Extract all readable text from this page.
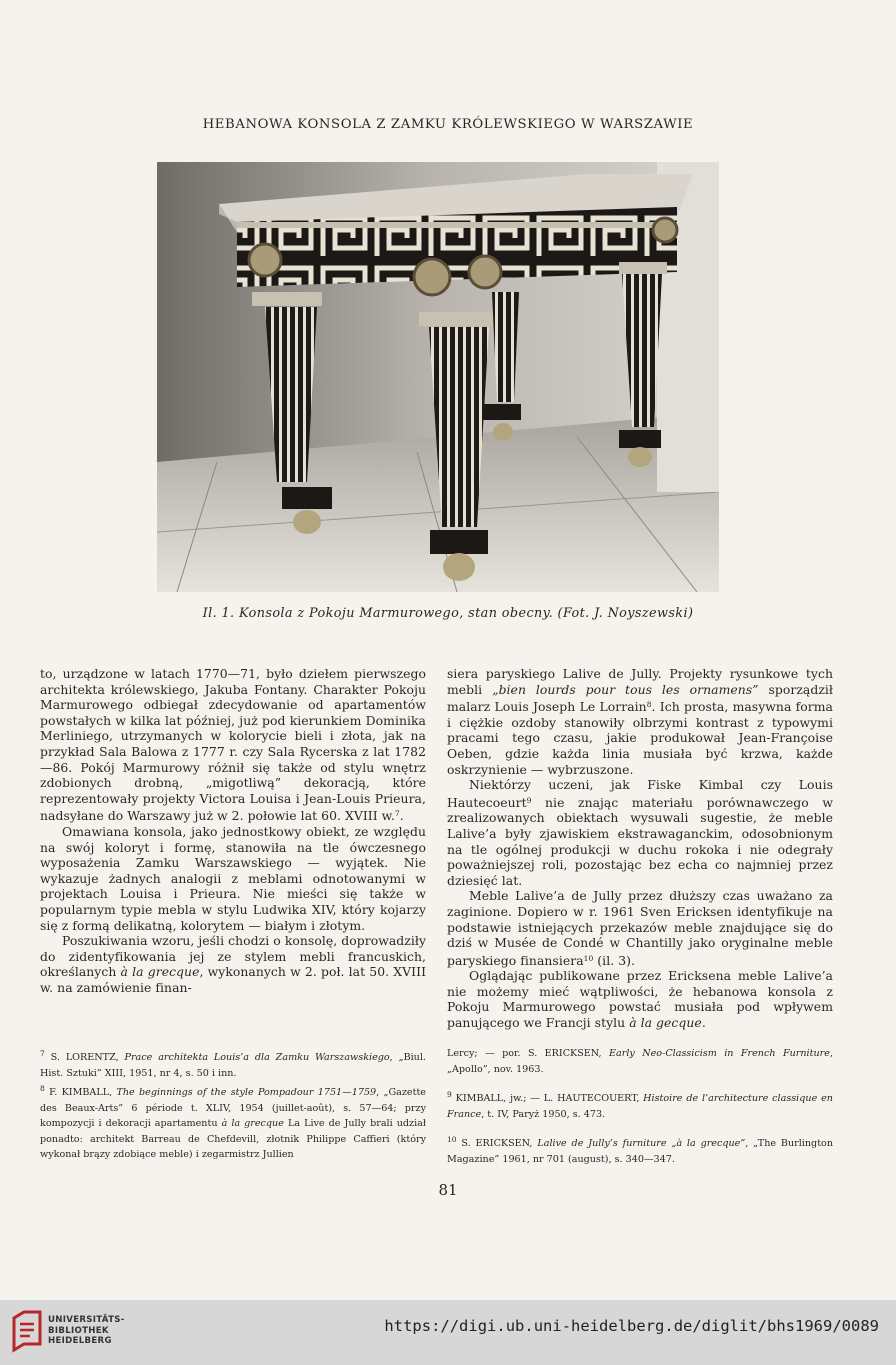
HEBANOWA KONSOLA Z ZAMKU KRÓLEWSKIEGO W WARSZAWIE
Il. 1. Konsola z Pokoju Marmurowego, stan obecny. (Fot. J. Noyszewski)

to, urządzone w latach 1770—71, było dziełem pierwszego architekta królewskiego, Jakuba Fontany. Charakter Pokoju Marmurowego odbiegał zdecydowanie od apartamentów powstałych w kilka lat później, już pod kierunkiem Dominika Merliniego, utrzymanych w kolorycie bieli i złota, jak na przykład Sala Balowa z 1777 r. czy Sala Rycerska z lat 1782—86. Pokój Marmurowy różnił się także od stylu wnętrz zdobionych drobną, „migotliwą” dekoracją, które reprezentowały projekty Victora Louisa i Jean-Louis Prieura, nadsyłane do Warszawy już w 2. połowie lat 60. XVIII w.$^7$.

Omawiana konsola, jako jednostkowy obiekt, ze względu na swój koloryt i formę, stanowiła na tle ówczesnego wyposażenia Zamku Warszawskiego — wyjątek. Nie wykazuje żadnych analogii z meblami odnotowanymi w projektach Louisa i Prieura. Nie mieści się także w popularnym typie mebla w stylu Ludwika XIV, który kojarzy się z formą delikatną, kolorytem — białym i złotym.

Poszukiwania wzoru, jeśli chodzi o konsolę, doprowadziły do zidentyfikowania jej ze stylem mebli francuskich, określanych à la grecque, wykonanych w 2. poł. lat 50. XVIII w. na zamówienie finan-

siera paryskiego Lalive de Jully. Projekty rysunkowe tych mebli „bien lourds pour tous les ornamens” sporządził malarz Louis Joseph Le Lorrain$^8$. Ich prosta, masywna forma i ciężkie ozdoby stanowiły olbrzymi kontrast z typowymi pracami tego czasu, jakie produkował Jean-Françoise Oeben, gdzie każda linia musiała być krzwa, każde oskrzynienie — wybrzuszone.

Niektórzy uczeni, jak Fiske Kimbal czy Louis Hautecoeurt$^9$ nie znając materiału porównawczego w zrealizowanych obiektach wysuwali sugestie, że meble Lalive’a były zjawiskiem ekstrawaganckim, odosobnionym na tle ogólnej produkcji w duchu rokoka i nie odegrały poważniejszej roli, pozostając bez echa co najmniej przez dziesięć lat.

Meble Lalive’a de Jully przez dłuższy czas uważano za zaginione. Dopiero w r. 1961 Sven Ericksen identyfikuje na podstawie istniejących przekazów meble znajdujące się do dziś w Musée de Condé w Chantilly jako oryginalne meble paryskiego finansiera$^{10}$ (il. 3).

Oglądając publikowane przez Ericksena meble Lalive’a nie możemy mieć wątpliwości, że hebanowa konsola z Pokoju Marmurowego powstać musiała pod wpływem panującego we Francji stylu à la gecque.

$^7$ S. LORENTZ, Prace architekta Louis’a dla Zamku Warszawskiego, „Biul. Hist. Sztuki” XIII, 1951, nr 4, s. 50 i inn.

$^8$ F. KIMBALL, The beginnings of the style Pompadour 1751—1759, „Gazette des Beaux-Arts” 6 période t. XLIV, 1954 (juillet-août), s. 57—64; przy kompozycji i dekoracji apartamentu à la grecque La Live de Jully brali udział ponadto: architekt Barreau de Chefdevill, złotnik Philippe Caffieri (który wykonał brązy zdobiące meble) i zegarmistrz Jullien

Lercy; — por. S. ERICKSEN, Early Neo-Classicism in French Furniture, „Apollo”, nov. 1963.

$^9$ KIMBALL, jw.; — L. HAUTECOUERT, Histoire de l’architecture classique en France, t. IV, Paryż 1950, s. 473.

$^{10}$ S. ERICKSEN, Lalive de Jully’s furniture „à la grecque”, „The Burlington Magazine” 1961, nr 701 (august), s. 340—347.

81
UNIVERSITÄTS-
BIBLIOTHEK
HEIDELBERG
https://digi.ub.uni-heidelberg.de/diglit/bhs1969/0089
